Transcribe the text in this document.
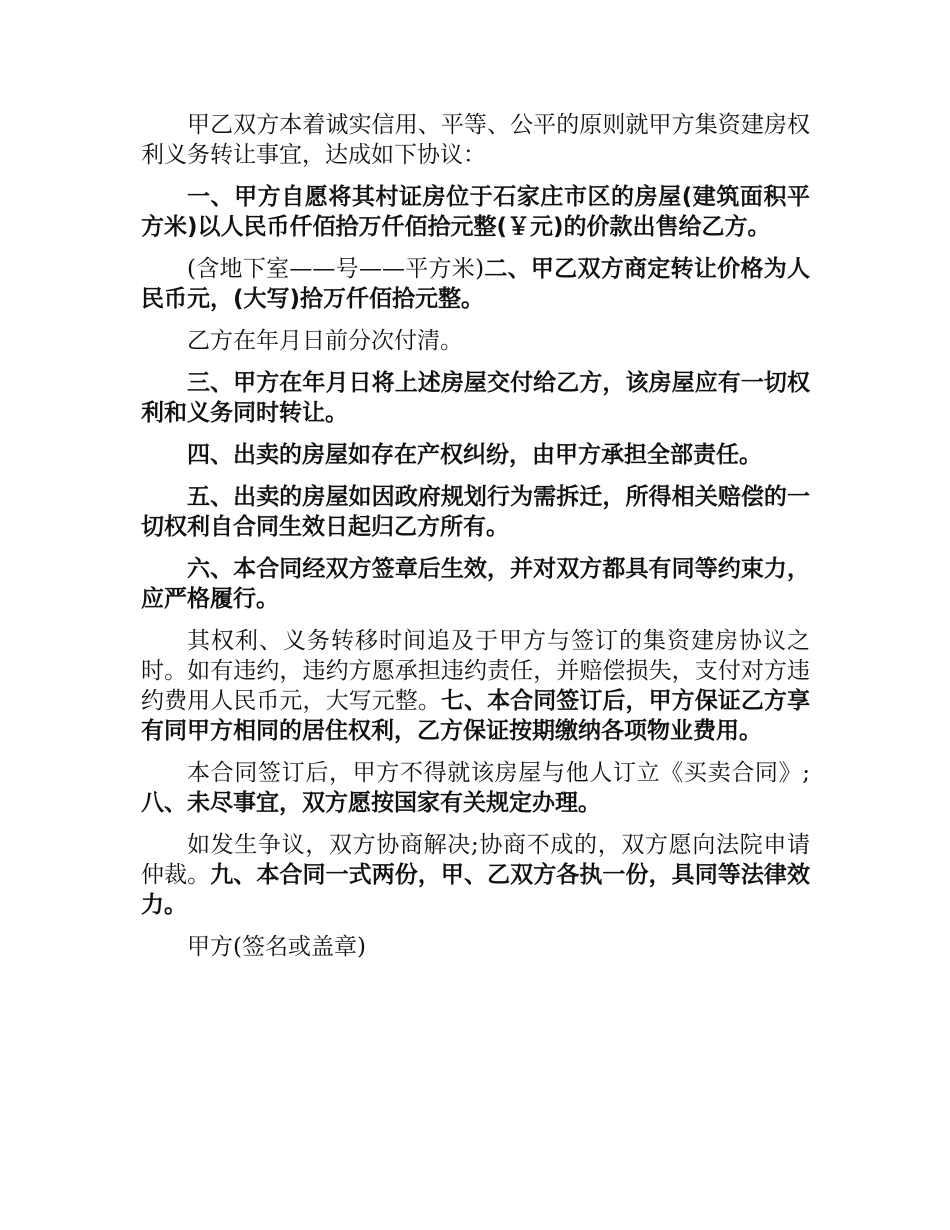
甲乙双方本着诚实信用、平等、公平的原则就甲方集资建房权利义务转让事宜，达成如下协议：

一、甲方自愿将其村证房位于石家庄市区的房屋(建筑面积平方米)以人民币仟佰拾万仟佰拾元整(￥元)的价款出售给乙方。

(含地下室——号——平方米)二、甲乙双方商定转让价格为人民币元，(大写)拾万仟佰拾元整。

乙方在年月日前分次付清。

三、甲方在年月日将上述房屋交付给乙方，该房屋应有一切权利和义务同时转让。

四、出卖的房屋如存在产权纠纷，由甲方承担全部责任。

五、出卖的房屋如因政府规划行为需拆迁，所得相关赔偿的一切权利自合同生效日起归乙方所有。

六、本合同经双方签章后生效，并对双方都具有同等约束力，应严格履行。

其权利、义务转移时间追及于甲方与签订的集资建房协议之时。如有违约，违约方愿承担违约责任，并赔偿损失，支付对方违约费用人民币元，大写元整。七、本合同签订后，甲方保证乙方享有同甲方相同的居住权利，乙方保证按期缴纳各项物业费用。

本合同签订后，甲方不得就该房屋与他人订立《买卖合同》;八、未尽事宜，双方愿按国家有关规定办理。

如发生争议，双方协商解决;协商不成的，双方愿向法院申请仲裁。九、本合同一式两份，甲、乙双方各执一份，具同等法律效力。

甲方(签名或盖章)
